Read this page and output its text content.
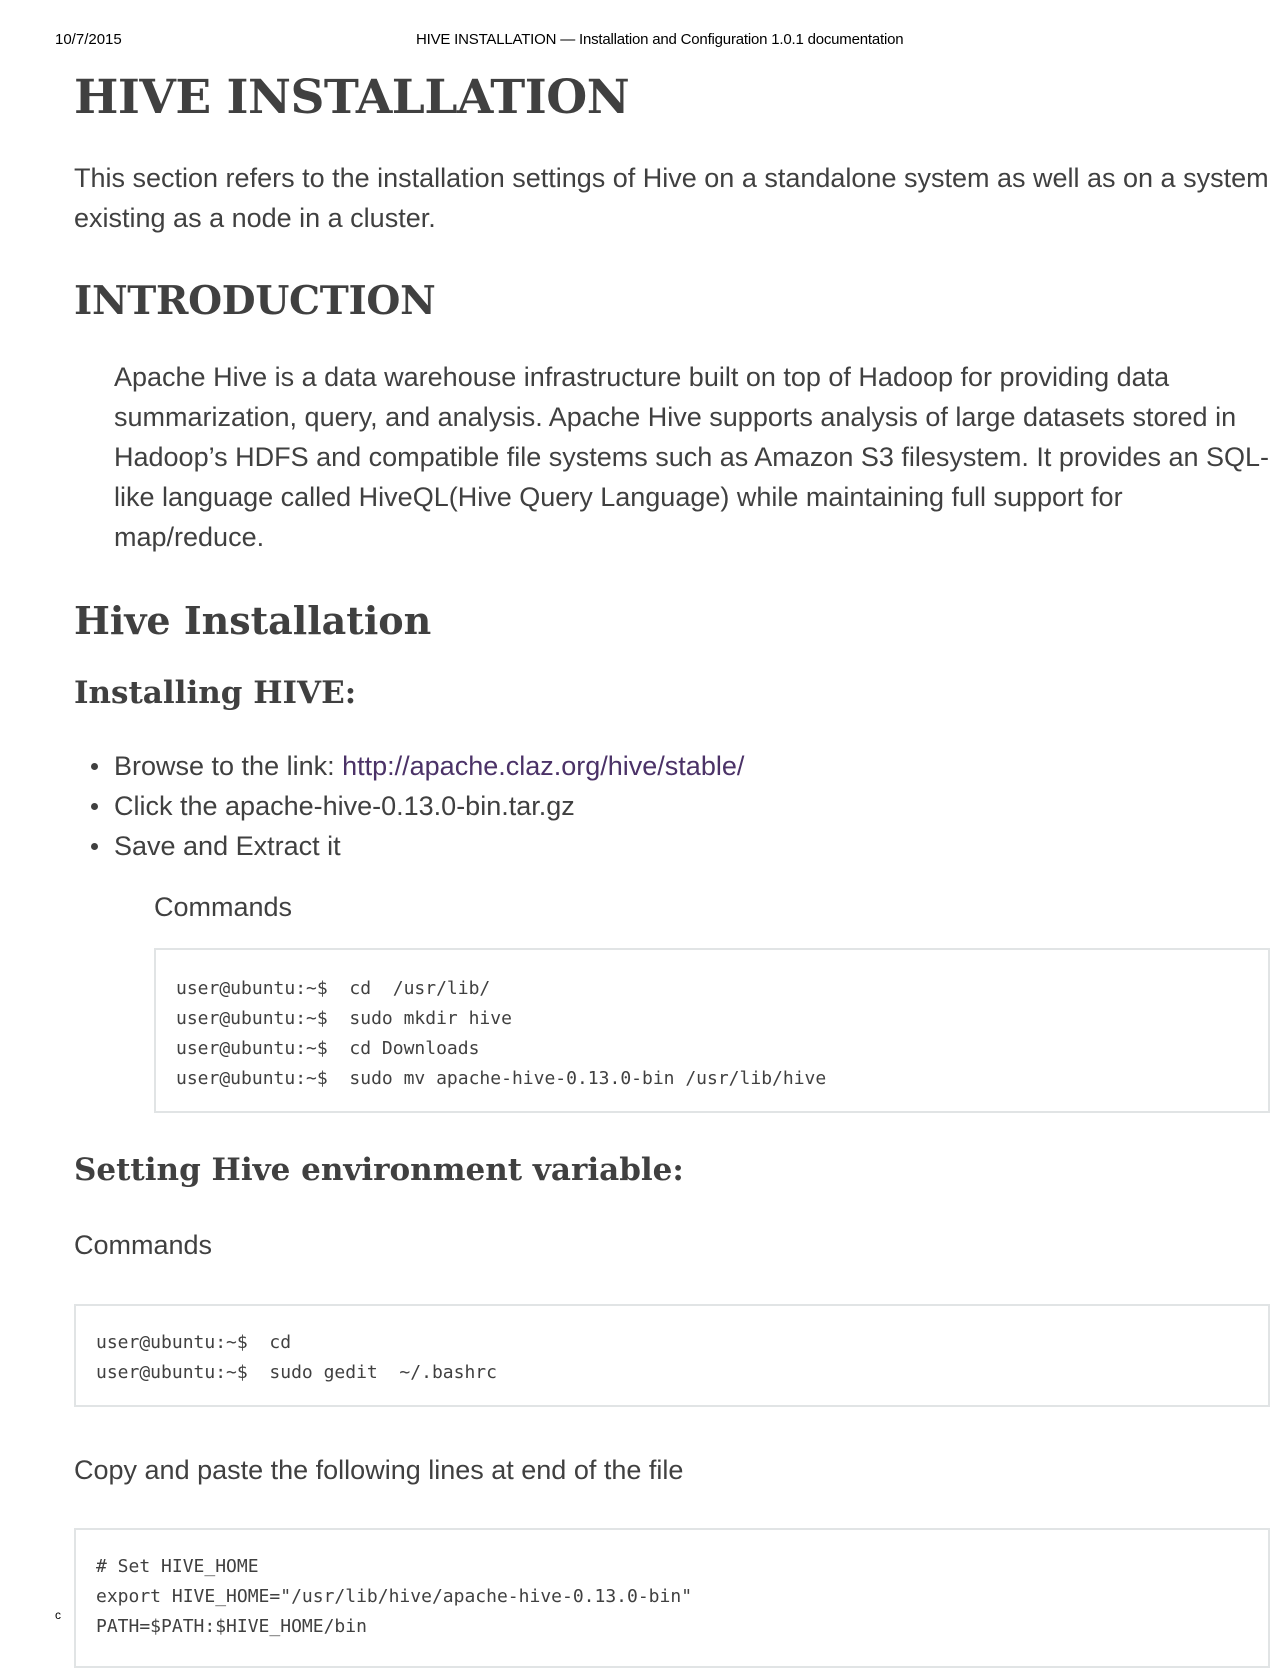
10/7/2015	HIVE INSTALLATION — Installation and Configuration 1.0.1 documentation
HIVE INSTALLATION

This section refers to the installation settings of Hive on a standalone system as well as on a system existing as a node in a cluster.

INTRODUCTION

Apache Hive is a data warehouse infrastructure built on top of Hadoop for providing data summarization, query, and analysis. Apache Hive supports analysis of large datasets stored in Hadoop’s HDFS and compatible file systems such as Amazon S3 filesystem. It provides an SQL-like language called HiveQL(Hive Query Language) while maintaining full support for map/reduce.

Hive Installation
Installing HIVE:
Browse to the link: http://apache.claz.org/hive/stable/
Click the apache-hive-0.13.0-bin.tar.gz
Save and Extract it

Commands

user@ubuntu:~$  cd  /usr/lib/
user@ubuntu:~$  sudo mkdir hive
user@ubuntu:~$  cd Downloads
user@ubuntu:~$  sudo mv apache-hive-0.13.0-bin /usr/lib/hive
Setting Hive environment variable:

Commands

user@ubuntu:~$  cd
user@ubuntu:~$  sudo gedit  ~/.bashrc

Copy and paste the following lines at end of the file

# Set HIVE_HOME
export HIVE_HOME="/usr/lib/hive/apache-hive-0.13.0-bin"
PATH=$PATH:$HIVE_HOME/bin
c
